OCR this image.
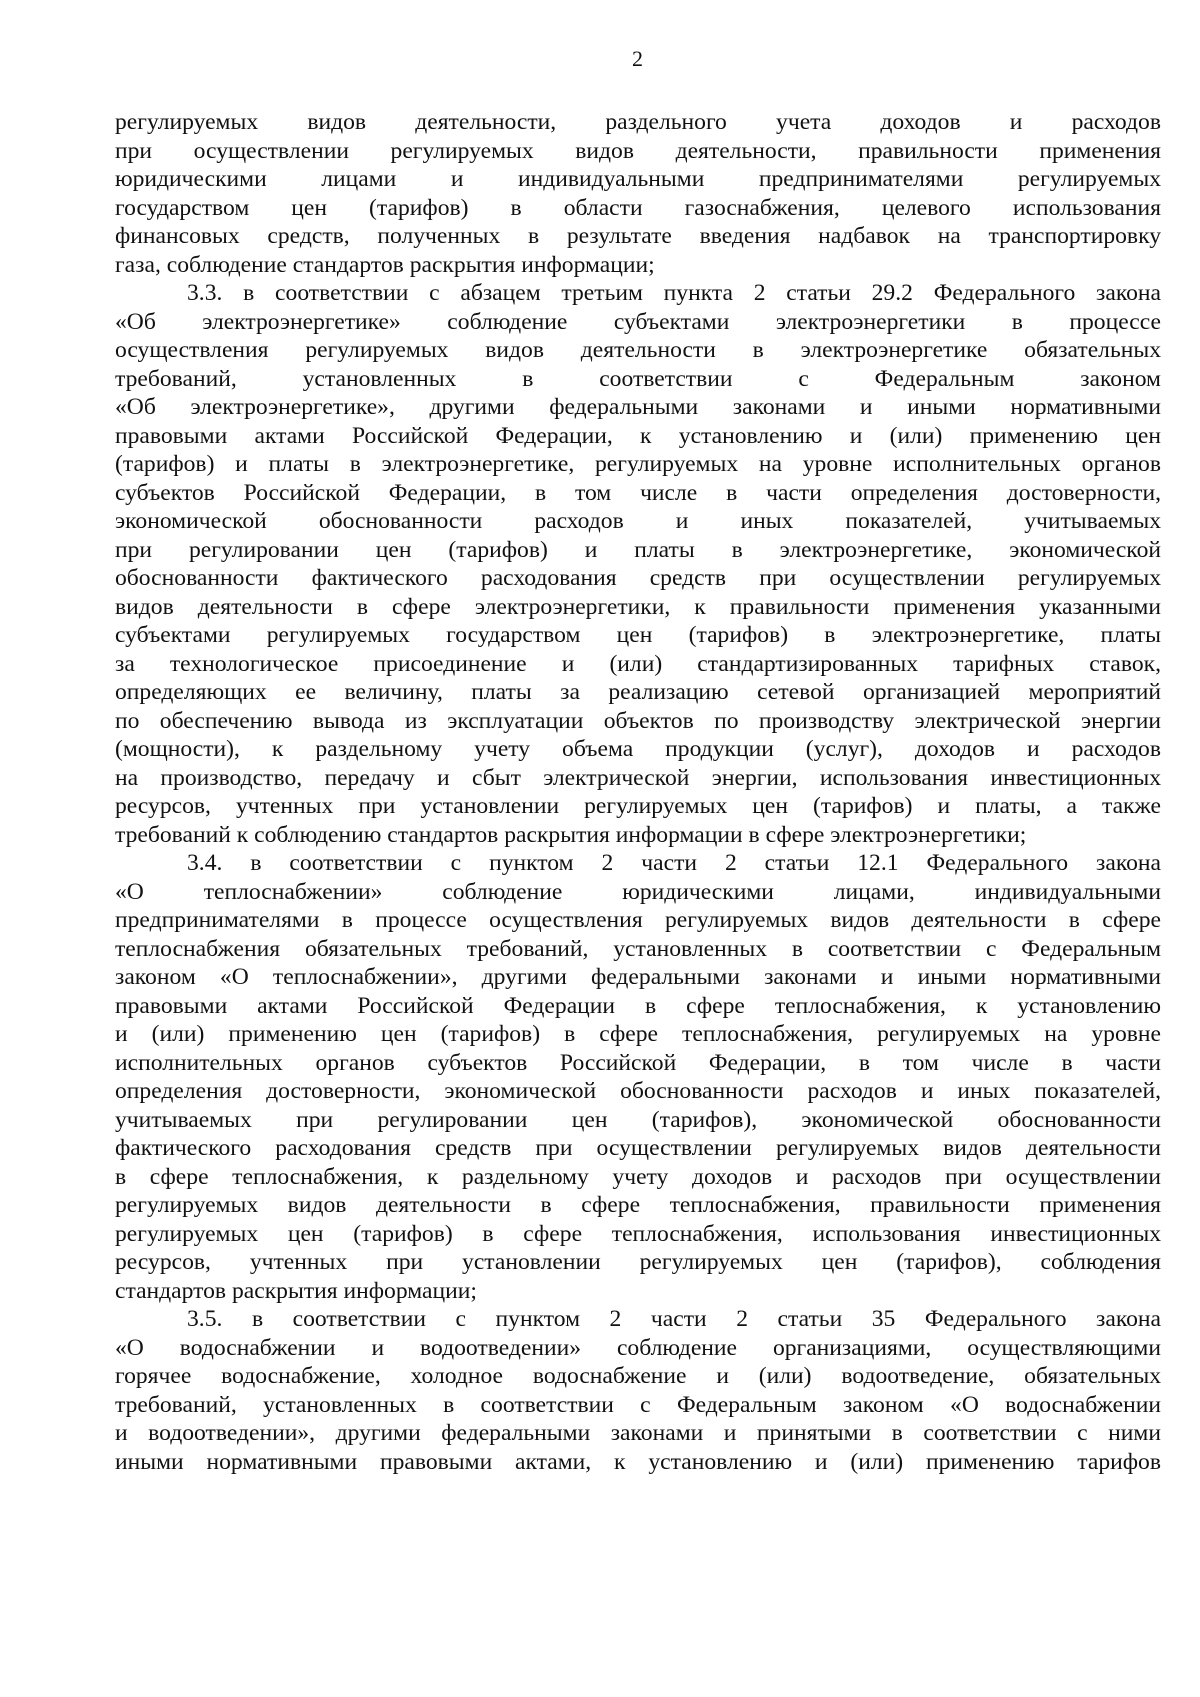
2
регулируемых видов деятельности, раздельного учета доходов и расходов
при осуществлении регулируемых видов деятельности, правильности применения
юридическими лицами и индивидуальными предпринимателями регулируемых
государством цен (тарифов) в области газоснабжения, целевого использования
финансовых средств, полученных в результате введения надбавок на транспортировку
газа, соблюдение стандартов раскрытия информации;
3.3. в соответствии с абзацем третьим пункта 2 статьи 29.2 Федерального закона
«Об электроэнергетике» соблюдение субъектами электроэнергетики в процессе
осуществления регулируемых видов деятельности в электроэнергетике обязательных
требований, установленных в соответствии с Федеральным законом
«Об электроэнергетике», другими федеральными законами и иными нормативными
правовыми актами Российской Федерации, к установлению и (или) применению цен
(тарифов) и платы в электроэнергетике, регулируемых на уровне исполнительных органов
субъектов Российской Федерации, в том числе в части определения достоверности,
экономической обоснованности расходов и иных показателей, учитываемых
при регулировании цен (тарифов) и платы в электроэнергетике, экономической
обоснованности фактического расходования средств при осуществлении регулируемых
видов деятельности в сфере электроэнергетики, к правильности применения указанными
субъектами регулируемых государством цен (тарифов) в электроэнергетике, платы
за технологическое присоединение и (или) стандартизированных тарифных ставок,
определяющих ее величину, платы за реализацию сетевой организацией мероприятий
по обеспечению вывода из эксплуатации объектов по производству электрической энергии
(мощности), к раздельному учету объема продукции (услуг), доходов и расходов
на производство, передачу и сбыт электрической энергии, использования инвестиционных
ресурсов, учтенных при установлении регулируемых цен (тарифов) и платы, а также
требований к соблюдению стандартов раскрытия информации в сфере электроэнергетики;
3.4. в соответствии с пунктом 2 части 2 статьи 12.1 Федерального закона
«О теплоснабжении» соблюдение юридическими лицами, индивидуальными
предпринимателями в процессе осуществления регулируемых видов деятельности в сфере
теплоснабжения обязательных требований, установленных в соответствии с Федеральным
законом «О теплоснабжении», другими федеральными законами и иными нормативными
правовыми актами Российской Федерации в сфере теплоснабжения, к установлению
и (или) применению цен (тарифов) в сфере теплоснабжения, регулируемых на уровне
исполнительных органов субъектов Российской Федерации, в том числе в части
определения достоверности, экономической обоснованности расходов и иных показателей,
учитываемых при регулировании цен (тарифов), экономической обоснованности
фактического расходования средств при осуществлении регулируемых видов деятельности
в сфере теплоснабжения, к раздельному учету доходов и расходов при осуществлении
регулируемых видов деятельности в сфере теплоснабжения, правильности применения
регулируемых цен (тарифов) в сфере теплоснабжения, использования инвестиционных
ресурсов, учтенных при установлении регулируемых цен (тарифов), соблюдения
стандартов раскрытия информации;
3.5. в соответствии с пунктом 2 части 2 статьи 35 Федерального закона
«О водоснабжении и водоотведении» соблюдение организациями, осуществляющими
горячее водоснабжение, холодное водоснабжение и (или) водоотведение, обязательных
требований, установленных в соответствии с Федеральным законом «О водоснабжении
и водоотведении», другими федеральными законами и принятыми в соответствии с ними
иными нормативными правовыми актами, к установлению и (или) применению тарифов
